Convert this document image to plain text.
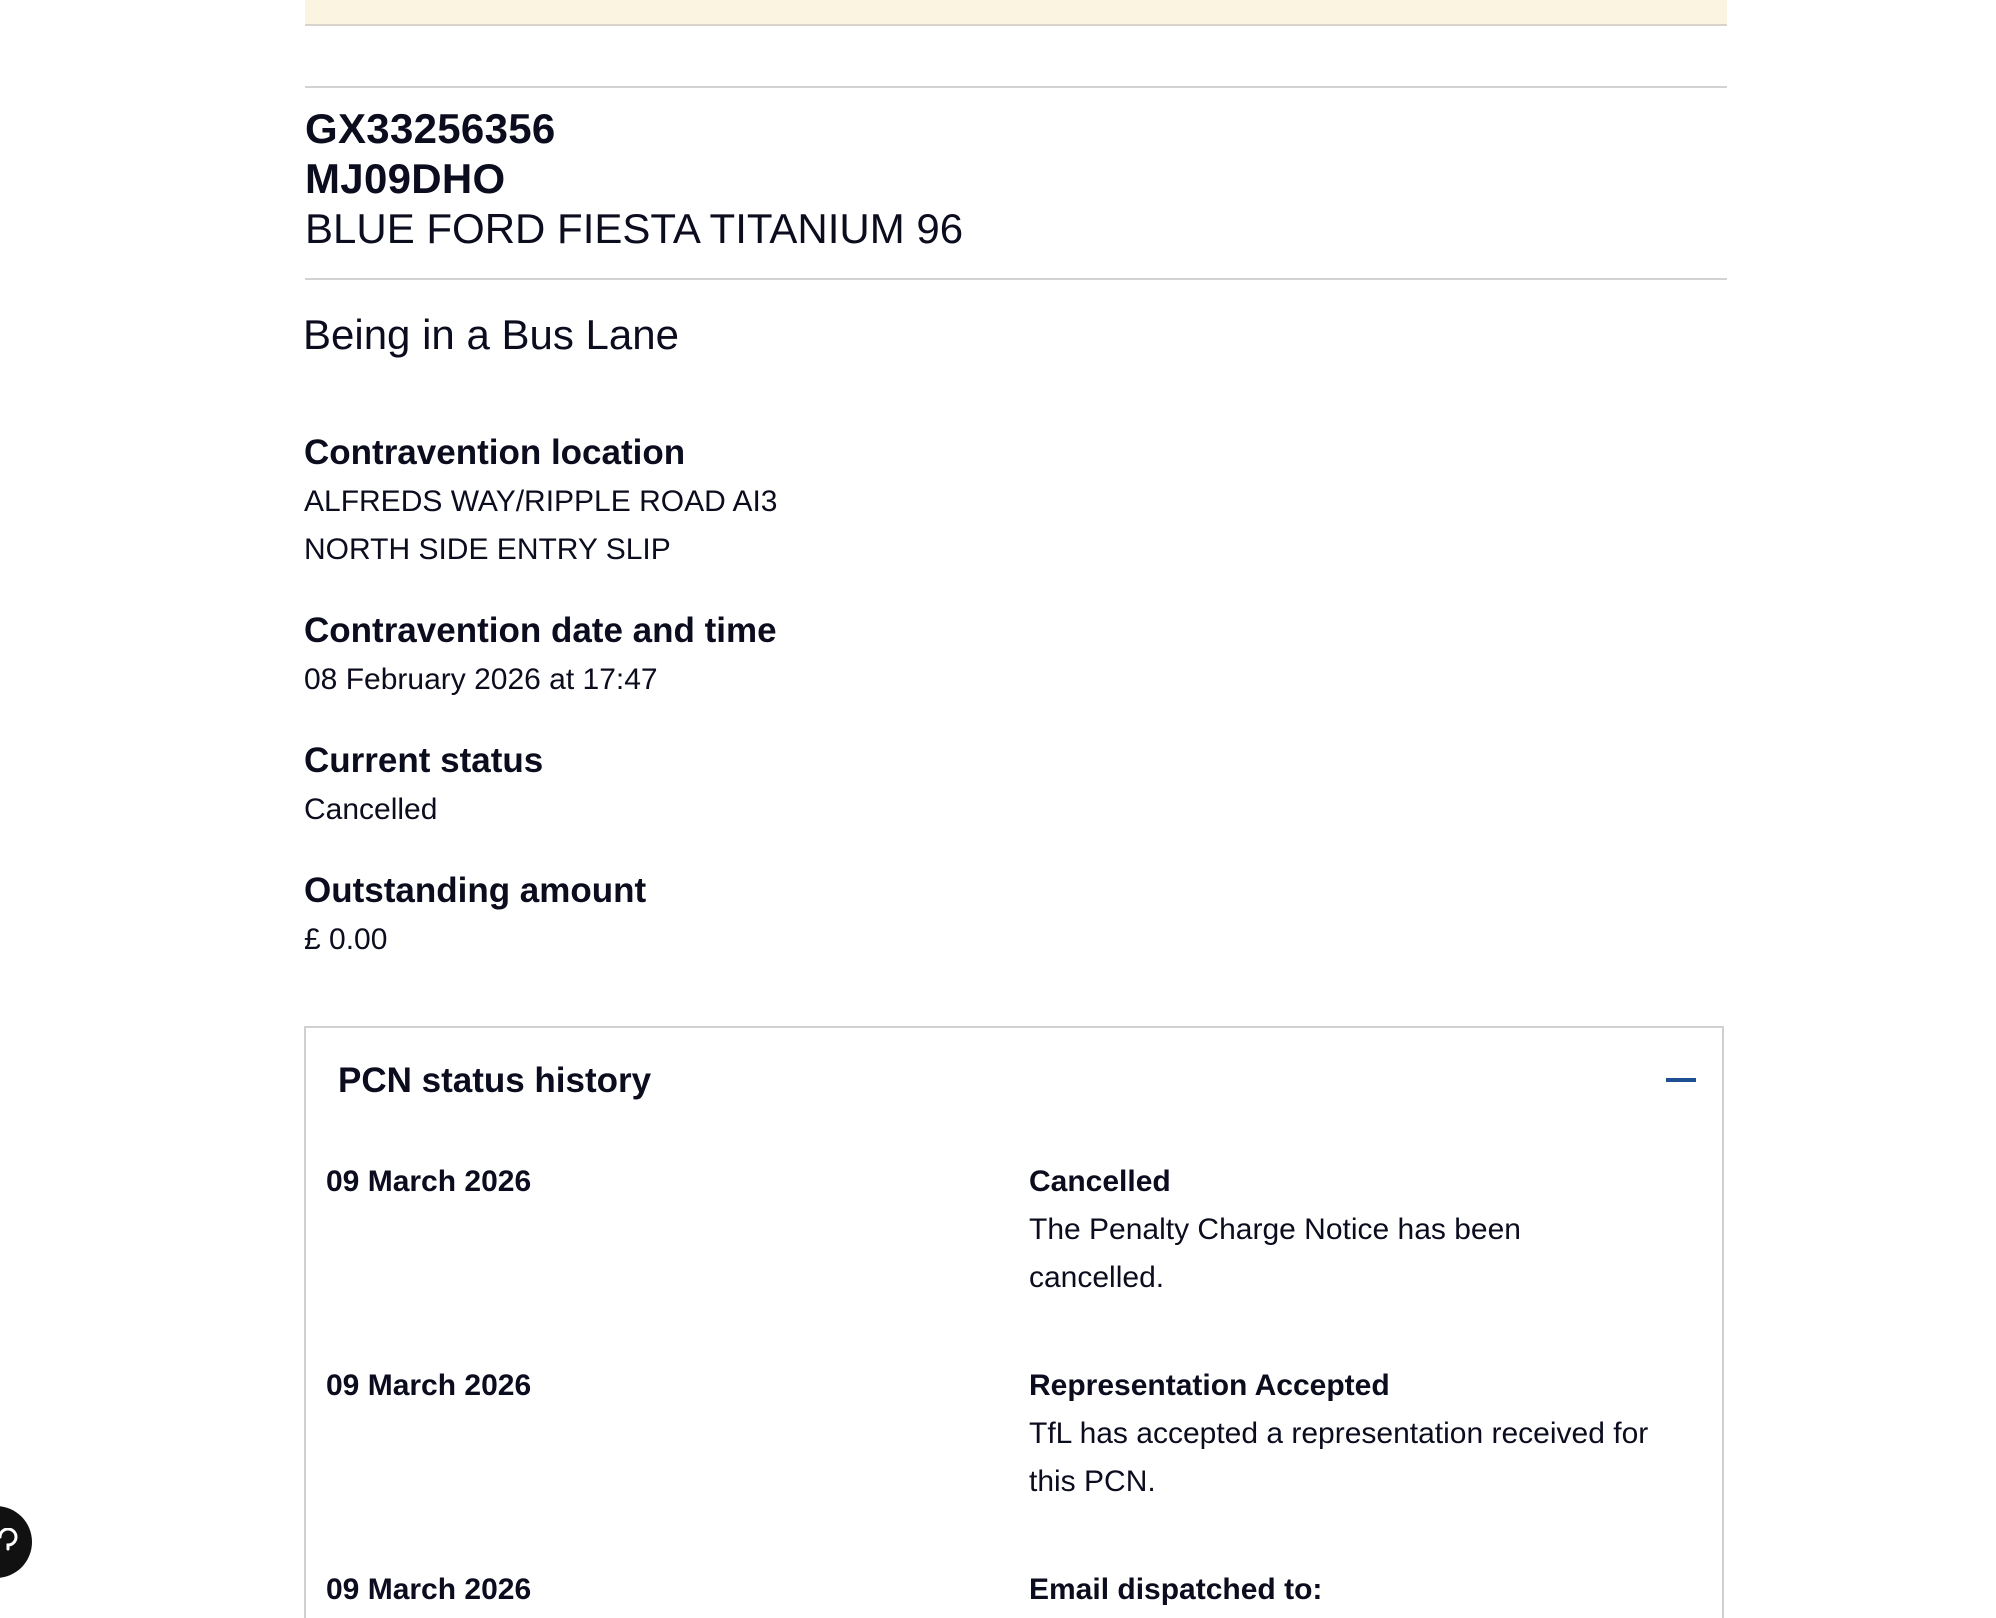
GX33256356
MJ09DHO
BLUE FORD FIESTA TITANIUM 96
Being in a Bus Lane
Contravention location
ALFREDS WAY/RIPPLE ROAD AI3
NORTH SIDE ENTRY SLIP
Contravention date and time
08 February 2026 at 17:47
Current status
Cancelled
Outstanding amount
£ 0.00
PCN status history
09 March 2026	Cancelled
The Penalty Charge Notice has been
cancelled.
09 March 2026	Representation Accepted
TfL has accepted a representation received for
this PCN.
09 March 2026	Email dispatched to:
